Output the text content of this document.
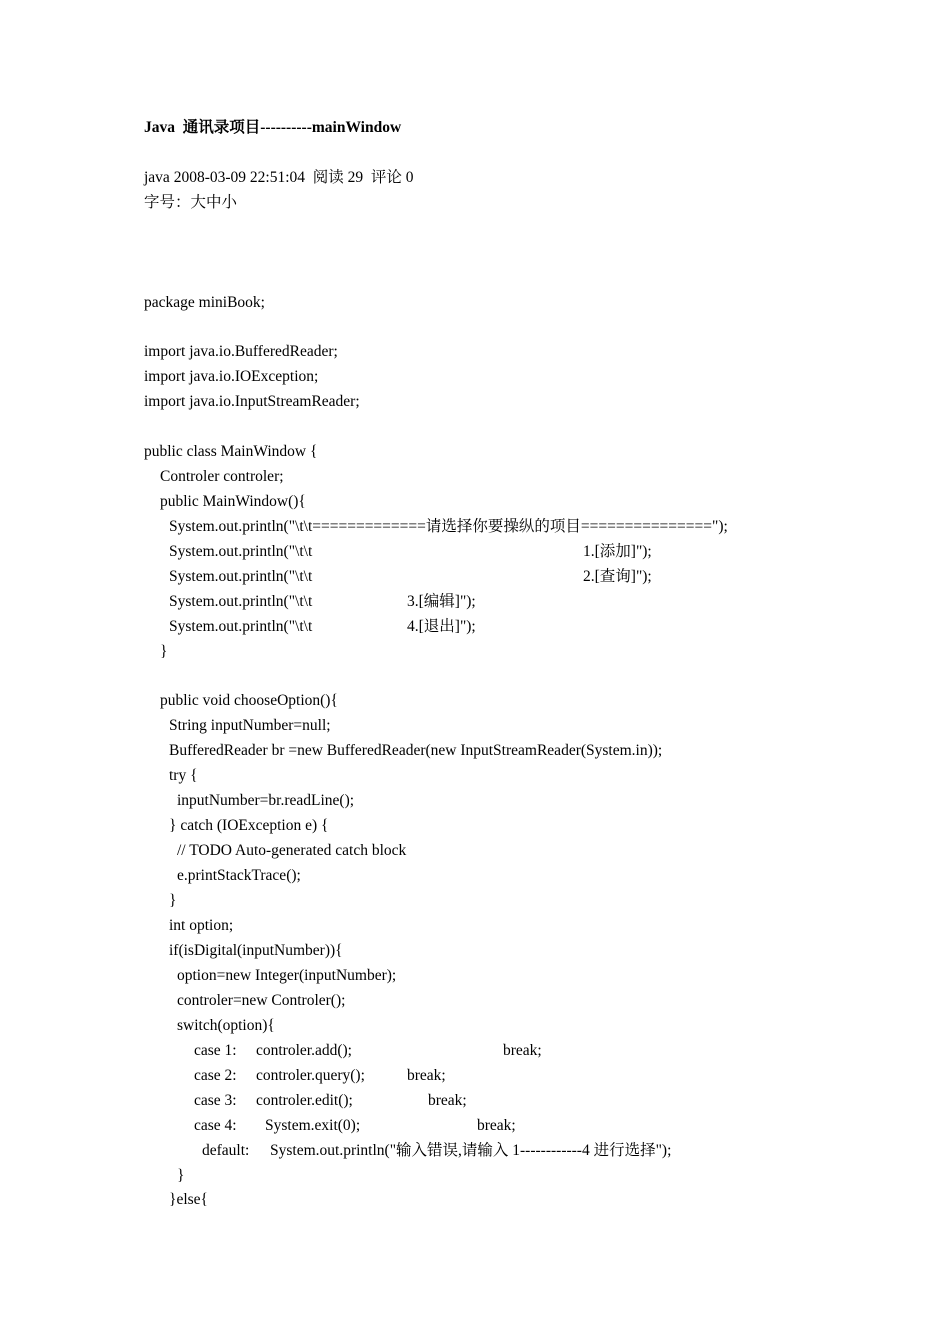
Java  通讯录项目----------mainWindow
java 2008-03-09 22:51:04  阅读 29  评论 0
字号：大中小
package miniBook;
import java.io.BufferedReader;
import java.io.IOException;
import java.io.InputStreamReader;
public class MainWindow {
Controler controler;
public MainWindow(){
System.out.println("\t\t=============请选择你要操纵的项目===============");
System.out.println("\t\t	1.[添加]");
System.out.println("\t\t	2.[查询]");
System.out.println("\t\t	3.[编辑]");
System.out.println("\t\t	4.[退出]");
}
public void chooseOption(){
String inputNumber=null;
BufferedReader br =new BufferedReader(new InputStreamReader(System.in));
try {
inputNumber=br.readLine();
} catch (IOException e) {
// TODO Auto-generated catch block
e.printStackTrace();
}
int option;
if(isDigital(inputNumber)){
option=new Integer(inputNumber);
controler=new Controler();
switch(option){
case 1: controler.add();	break;
case 2: controler.query();	break;
case 3: controler.edit();	break;
case 4: System.exit(0);	break;
default: System.out.println("输入错误,请输入 1------------4 进行选择");
}
}else{
